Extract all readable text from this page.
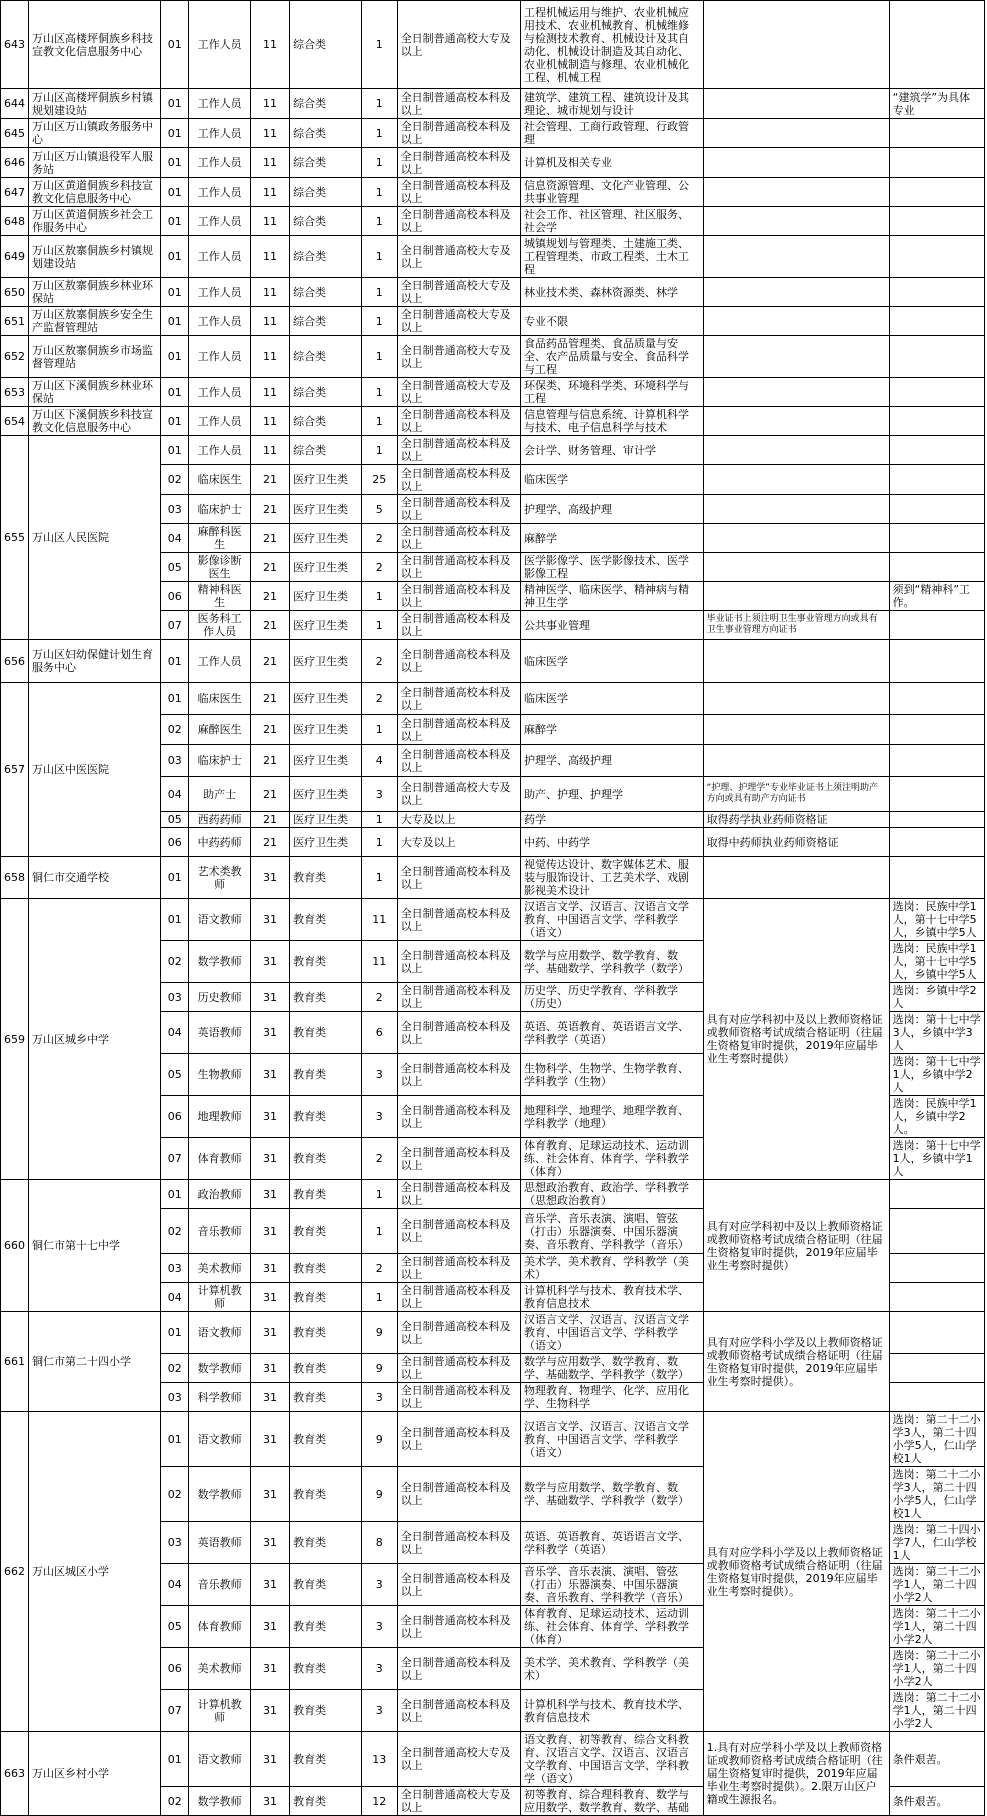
643	万山区高楼坪侗族乡科技宣教文化信息服务中心	01	工作人员	11	综合类	1	全日制普通高校大专及以上	工程机械运用与维护、农业机械应用技术、农业机械教育、机械维修与检测技术教育、机械设计及其自动化、机械设计制造及其自动化、农业机械制造与修理、农业机械化工程、机械工程		
644	万山区高楼坪侗族乡村镇规划建设站	01	工作人员	11	综合类	1	全日制普通高校本科及以上	建筑学、建筑工程、建筑设计及其理论、城市规划与设计		“建筑学”为具体专业
645	万山区万山镇政务服务中心	01	工作人员	11	综合类	1	全日制普通高校本科及以上	社会管理、工商行政管理、行政管理		
646	万山区万山镇退役军人服务站	01	工作人员	11	综合类	1	全日制普通高校本科及以上	计算机及相关专业		
647	万山区黄道侗族乡科技宣教文化信息服务中心	01	工作人员	11	综合类	1	全日制普通高校本科及以上	信息资源管理、文化产业管理、公共事业管理		
648	万山区黄道侗族乡社会工作服务中心	01	工作人员	11	综合类	1	全日制普通高校本科及以上	社会工作、社区管理、社区服务、社会学		
649	万山区敖寨侗族乡村镇规划建设站	01	工作人员	11	综合类	1	全日制普通高校大专及以上	城镇规划与管理类、土建施工类、工程管理类、市政工程类、土木工程		
650	万山区敖寨侗族乡林业环保站	01	工作人员	11	综合类	1	全日制普通高校大专及以上	林业技术类、森林资源类、林学		
651	万山区敖寨侗族乡安全生产监督管理站	01	工作人员	11	综合类	1	全日制普通高校大专及以上	专业不限		
652	万山区敖寨侗族乡市场监督管理站	01	工作人员	11	综合类	1	全日制普通高校大专及以上	食品药品管理类、食品质量与安全、农产品质量与安全、食品科学与工程		
653	万山区下溪侗族乡林业环保站	01	工作人员	11	综合类	1	全日制普通高校大专及以上	环保类、环境科学类、环境科学与工程		
654	万山区下溪侗族乡科技宣教文化信息服务中心	01	工作人员	11	综合类	1	全日制普通高校本科及以上	信息管理与信息系统、计算机科学与技术、电子信息科学与技术		
655	万山区人民医院	01	工作人员	11	综合类	1	全日制普通高校本科及以上	会计学、财务管理、审计学		
		02	临床医生	21	医疗卫生类	25	全日制普通高校本科及以上	临床医学		
		03	临床护士	21	医疗卫生类	5	全日制普通高校本科及以上	护理学、高级护理		
		04	麻醉科医生	21	医疗卫生类	2	全日制普通高校本科及以上	麻醉学		
		05	影像诊断医生	21	医疗卫生类	2	全日制普通高校本科及以上	医学影像学、医学影像技术、医学影像工程		
		06	精神科医生	21	医疗卫生类	1	全日制普通高校本科及以上	精神医学、临床医学、精神病与精神卫生学		须到“精神科”工作。
		07	医务科工作人员	21	医疗卫生类	1	全日制普通高校本科及以上	公共事业管理	毕业证书上须注明卫生事业管理方向或具有卫生事业管理方向证书	
656	万山区妇幼保健计划生育服务中心	01	工作人员	21	医疗卫生类	2	全日制普通高校本科及以上	临床医学		
657	万山区中医医院	01	临床医生	21	医疗卫生类	2	全日制普通高校本科及以上	临床医学		
		02	麻醉医生	21	医疗卫生类	1	全日制普通高校本科及以上	麻醉学		
		03	临床护士	21	医疗卫生类	4	全日制普通高校本科及以上	护理学、高级护理		
		04	助产士	21	医疗卫生类	3	全日制普通高校大专及以上	助产、护理、护理学	“护理、护理学”专业毕业证书上须注明助产方向或具有助产方向证书	
		05	西药药师	21	医疗卫生类	1	大专及以上	药学	取得药学执业药师资格证	
		06	中药药师	21	医疗卫生类	1	大专及以上	中药、中药学	取得中药师执业药师资格证	
658	铜仁市交通学校	01	艺术类教师	31	教育类	1	全日制普通高校本科及以上	视觉传达设计、数字媒体艺术、服装与服饰设计、工艺美术学、戏剧影视美术设计		
659	万山区城乡中学	01	语文教师	31	教育类	11	全日制普通高校本科及以上	汉语言文学、汉语言、汉语言文学教育、中国语言文学、学科教学（语文）	具有对应学科初中及以上教师资格证或教师资格考试成绩合格证明（往届生资格复审时提供，2019年应届毕业生考察时提供）	选岗：民族中学1人，第十七中学5人，乡镇中学5人
		02	数学教师	31	教育类	11	全日制普通高校本科及以上	数学与应用数学、数学教育、数学、基础数学、学科教学（数学）		选岗：民族中学1人，第十七中学5人，乡镇中学5人
		03	历史教师	31	教育类	2	全日制普通高校本科及以上	历史学、历史学教育、学科教学（历史）		选岗：乡镇中学2人
		04	英语教师	31	教育类	6	全日制普通高校本科及以上	英语、英语教育、英语语言文学、学科教学（英语）		选岗：第十七中学3人，乡镇中学3人
		05	生物教师	31	教育类	3	全日制普通高校本科及以上	生物科学、生物学、生物学教育、学科教学（生物）		选岗：第十七中学1人，乡镇中学2人
		06	地理教师	31	教育类	3	全日制普通高校本科及以上	地理科学、地理学、地理学教育、学科教学（地理）		选岗：民族中学1人，乡镇中学2人。
		07	体育教师	31	教育类	2	全日制普通高校本科及以上	体育教育、足球运动技术、运动训练、社会体育、体育学、学科教学（体育）		选岗：第十七中学1人，乡镇中学1人
660	铜仁市第十七中学	01	政治教师	31	教育类	1	全日制普通高校本科及以上	思想政治教育、政治学、学科教学（思想政治教育）	具有对应学科初中及以上教师资格证或教师资格考试成绩合格证明（往届生资格复审时提供，2019年应届毕业生考察时提供）	
		02	音乐教师	31	教育类	1	全日制普通高校本科及以上	音乐学、音乐表演、演唱、管弦（打击）乐器演奏、中国乐器演奏、音乐教育、学科教学（音乐）		
		03	美术教师	31	教育类	2	全日制普通高校本科及以上	美术学、美术教育、学科教学（美术）		
		04	计算机教师	31	教育类	1	全日制普通高校本科及以上	计算机科学与技术、教育技术学、教育信息技术		
661	铜仁市第二十四小学	01	语文教师	31	教育类	9	全日制普通高校本科及以上	汉语言文学、汉语言、汉语言文学教育、中国语言文学、学科教学（语文）	具有对应学科小学及以上教师资格证或教师资格考试成绩合格证明（往届生资格复审时提供，2019年应届毕业生考察时提供）。	
		02	数学教师	31	教育类	9	全日制普通高校本科及以上	数学与应用数学、数学教育、数学、基础数学、学科教学（数学）		
		03	科学教师	31	教育类	3	全日制普通高校本科及以上	物理教育、物理学、化学、应用化学、生物科学		
662	万山区城区小学	01	语文教师	31	教育类	9	全日制普通高校本科及以上	汉语言文学、汉语言、汉语言文学教育、中国语言文学、学科教学（语文）	具有对应学科小学及以上教师资格证或教师资格考试成绩合格证明（往届生资格复审时提供，2019年应届毕业生考察时提供）。	选岗：第二十二小学3人，第二十四小学5人，仁山学校1人
		02	数学教师	31	教育类	9	全日制普通高校本科及以上	数学与应用数学、数学教育、数学、基础数学、学科教学（数学）		选岗：第二十二小学3人，第二十四小学5人，仁山学校1人
		03	英语教师	31	教育类	8	全日制普通高校本科及以上	英语、英语教育、英语语言文学、学科教学（英语）		选岗：第二十四小学7人，仁山学校1人
		04	音乐教师	31	教育类	3	全日制普通高校本科及以上	音乐学、音乐表演、演唱、管弦（打击）乐器演奏、中国乐器演奏、音乐教育、学科教学（音乐）		选岗：第二十二小学1人，第二十四小学2人
		05	体育教师	31	教育类	3	全日制普通高校本科及以上	体育教育、足球运动技术、运动训练、社会体育、体育学、学科教学（体育）		选岗：第二十二小学1人，第二十四小学2人
		06	美术教师	31	教育类	3	全日制普通高校本科及以上	美术学、美术教育、学科教学（美术）		选岗：第二十二小学1人，第二十四小学2人
		07	计算机教师	31	教育类	3	全日制普通高校本科及以上	计算机科学与技术、教育技术学、教育信息技术		选岗：第二十二小学1人，第二十四小学2人
663	万山区乡村小学	01	语文教师	31	教育类	13	全日制普通高校大专及以上	语文教育、初等教育、综合文科教育、汉语言文学、汉语言、汉语言文学教育、中国语言文学、学科教学（语文）	1.具有对应学科小学及以上教师资格证或教师资格考试成绩合格证明（往届生资格复审时提供，2019年应届毕业生考察时提供）。2.限万山区户籍或生源报名。	条件艰苦。
		02	数学教师	31	教育类	12	全日制普通高校大专及以上	初等教育、综合理科教育、数学与应用数学、数学教育、数学、基础		条件艰苦。
